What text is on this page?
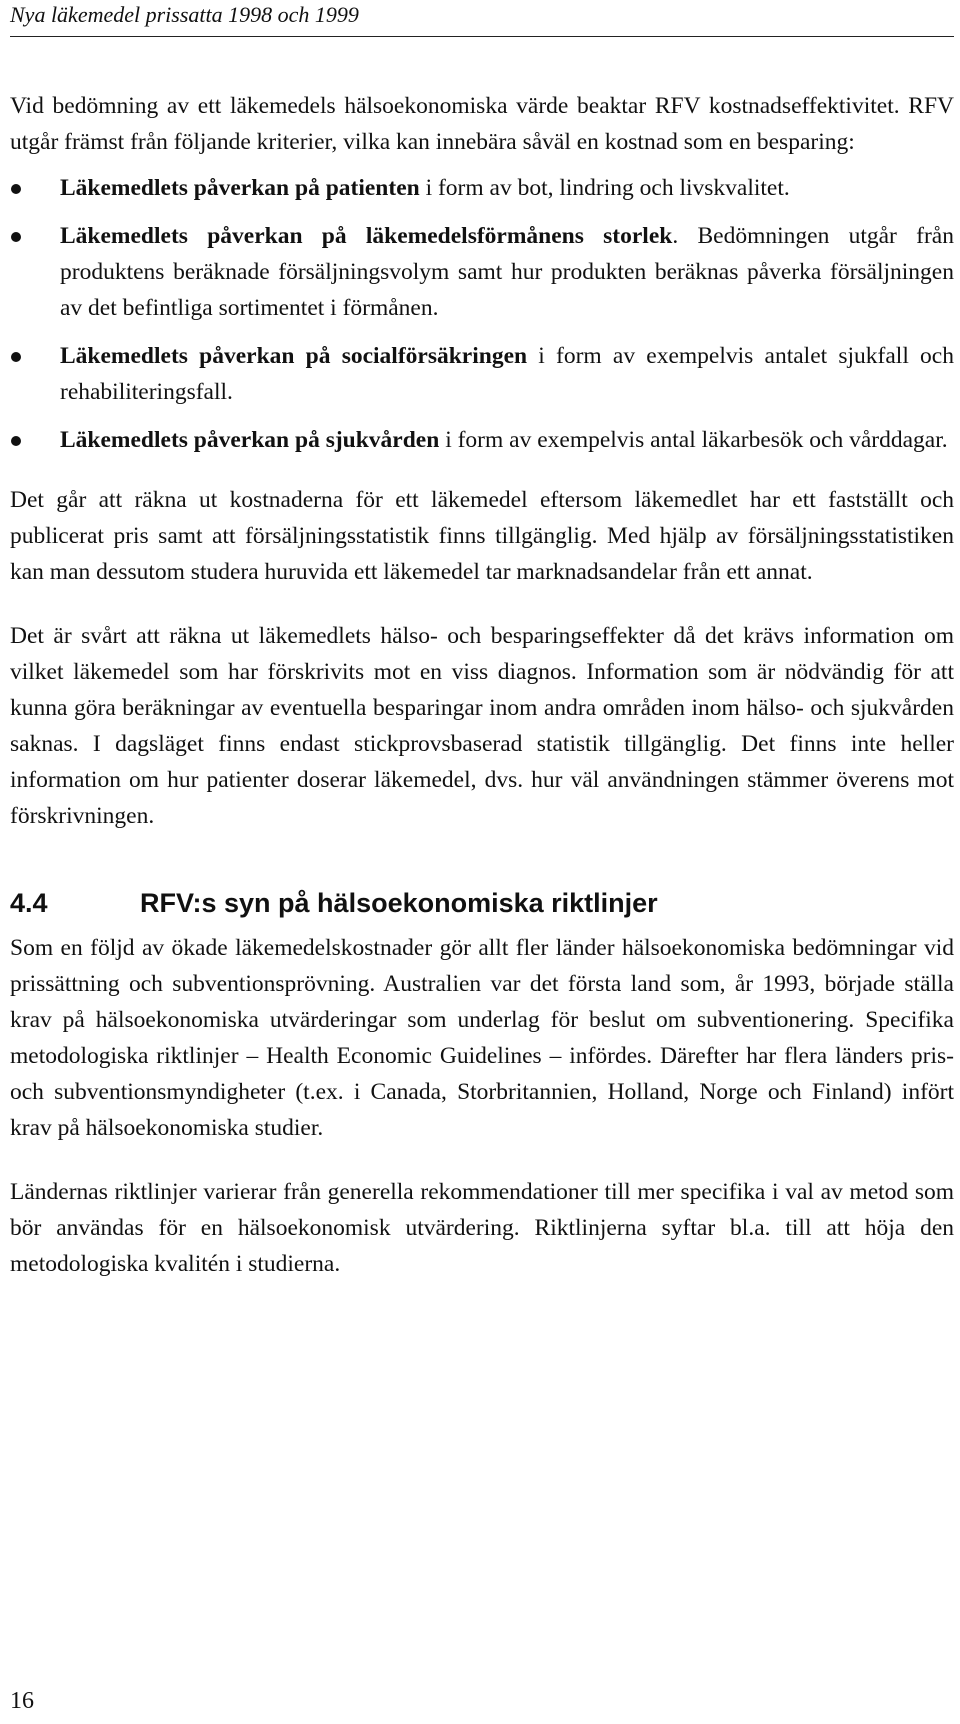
Nya läkemedel prissatta 1998 och 1999

Vid bedömning av ett läkemedels hälsoekonomiska värde beaktar RFV kostnadseffektivitet. RFV utgår främst från följande kriterier, vilka kan innebära såväl en kostnad som en besparing:

Läkemedlets påverkan på patienten i form av bot, lindring och livskvalitet.
Läkemedlets påverkan på läkemedelsförmånens storlek. Bedömningen utgår från produktens beräknade försäljningsvolym samt hur produkten beräknas påverka försäljningen av det befintliga sortimentet i förmånen.
Läkemedlets påverkan på socialförsäkringen i form av exempelvis antalet sjukfall och rehabiliteringsfall.
Läkemedlets påverkan på sjukvården i form av exempelvis antal läkarbesök och vårddagar.

Det går att räkna ut kostnaderna för ett läkemedel eftersom läkemedlet har ett fastställt och publicerat pris samt att försäljningsstatistik finns tillgänglig. Med hjälp av försäljningsstatistiken kan man dessutom studera huruvida ett läkemedel tar marknadsandelar från ett annat.

Det är svårt att räkna ut läkemedlets hälso- och besparingseffekter då det krävs information om vilket läkemedel som har förskrivits mot en viss diagnos. Information som är nödvändig för att kunna göra beräkningar av eventuella besparingar inom andra områden inom hälso- och sjukvården saknas. I dagsläget finns endast stickprovsbaserad statistik tillgänglig. Det finns inte heller information om hur patienter doserar läkemedel, dvs. hur väl användningen stämmer överens mot förskrivningen.

4.4	RFV:s syn på hälsoekonomiska riktlinjer

Som en följd av ökade läkemedelskostnader gör allt fler länder hälsoekonomiska bedömningar vid prissättning och subventionsprövning. Australien var det första land som, år 1993, började ställa krav på hälsoekonomiska utvärderingar som underlag för beslut om subventionering. Specifika metodologiska riktlinjer – Health Economic Guidelines – infördes. Därefter har flera länders pris- och subventionsmyndigheter (t.ex. i Canada, Storbritannien, Holland, Norge och Finland) infört krav på hälsoekonomiska studier.

Ländernas riktlinjer varierar från generella rekommendationer till mer specifika i val av metod som bör användas för en hälsoekonomisk utvärdering. Riktlinjerna syftar bl.a. till att höja den metodologiska kvalitén i studierna.

16
